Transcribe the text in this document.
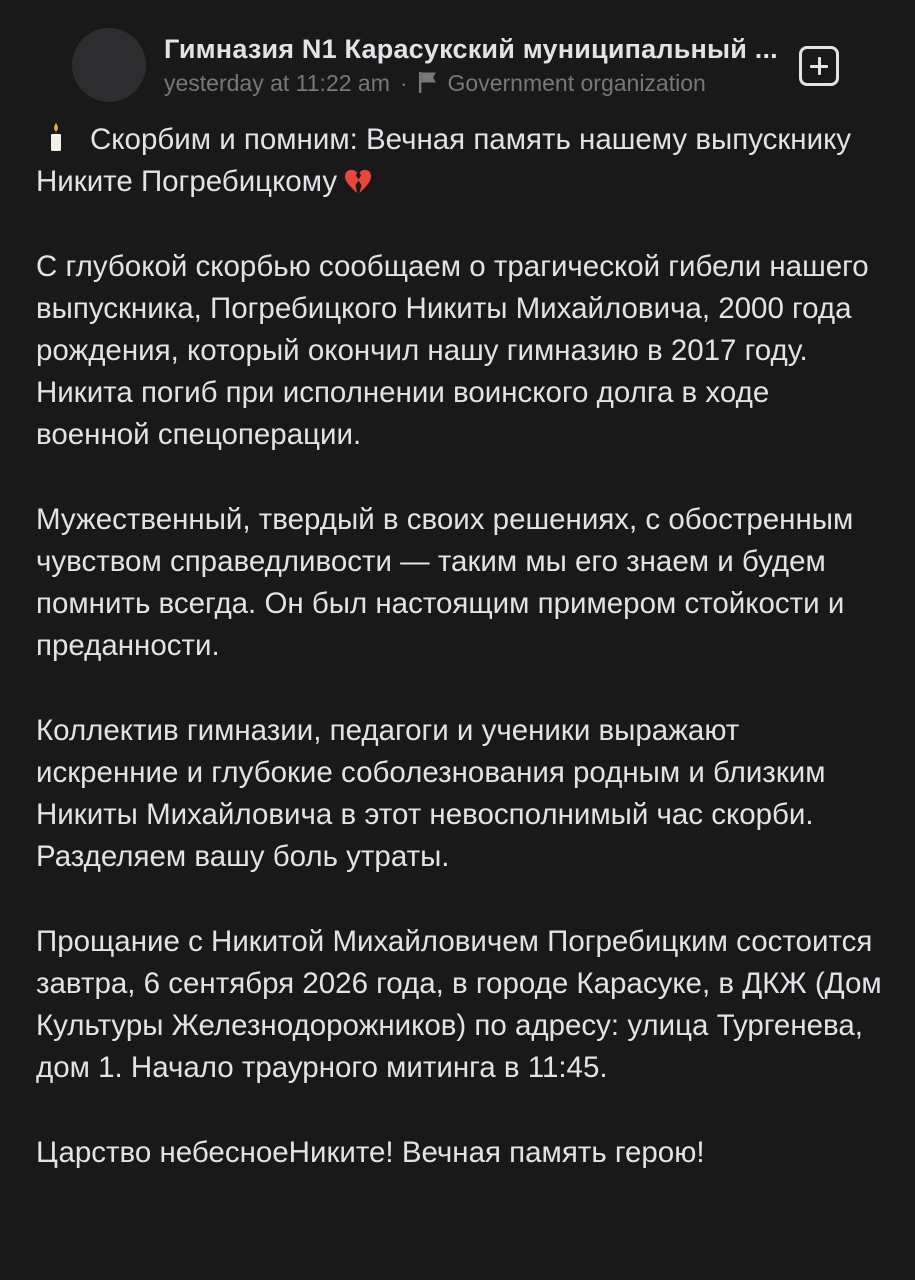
Гимназия N1 Карасукский муниципальный ...
yesterday at 11:22 am · Government organization

Скорбим и помним: Вечная память нашему выпускнику Никите Погребицкому

С глубокой скорбью сообщаем о трагической гибели нашего выпускника, Погребицкого Никиты Михайловича, 2000 года рождения, который окончил нашу гимназию в 2017 году. Никита погиб при исполнении воинского долга в ходе военной спецоперации.

Мужественный, твердый в своих решениях, с обостренным чувством справедливости — таким мы его знаем и будем помнить всегда. Он был настоящим примером стойкости и преданности.

Коллектив гимназии, педагоги и ученики выражают искренние и глубокие соболезнования родным и близким Никиты Михайловича в этот невосполнимый час скорби. Разделяем вашу боль утраты.

Прощание с Никитой Михайловичем Погребицким состоится завтра, 6 сентября 2026 года, в городе Карасуке, в ДКЖ (Дом Культуры Железнодорожников) по адресу: улица Тургенева, дом 1. Начало траурного митинга в 11:45.

Царство небесноеНиките! Вечная память герою!
